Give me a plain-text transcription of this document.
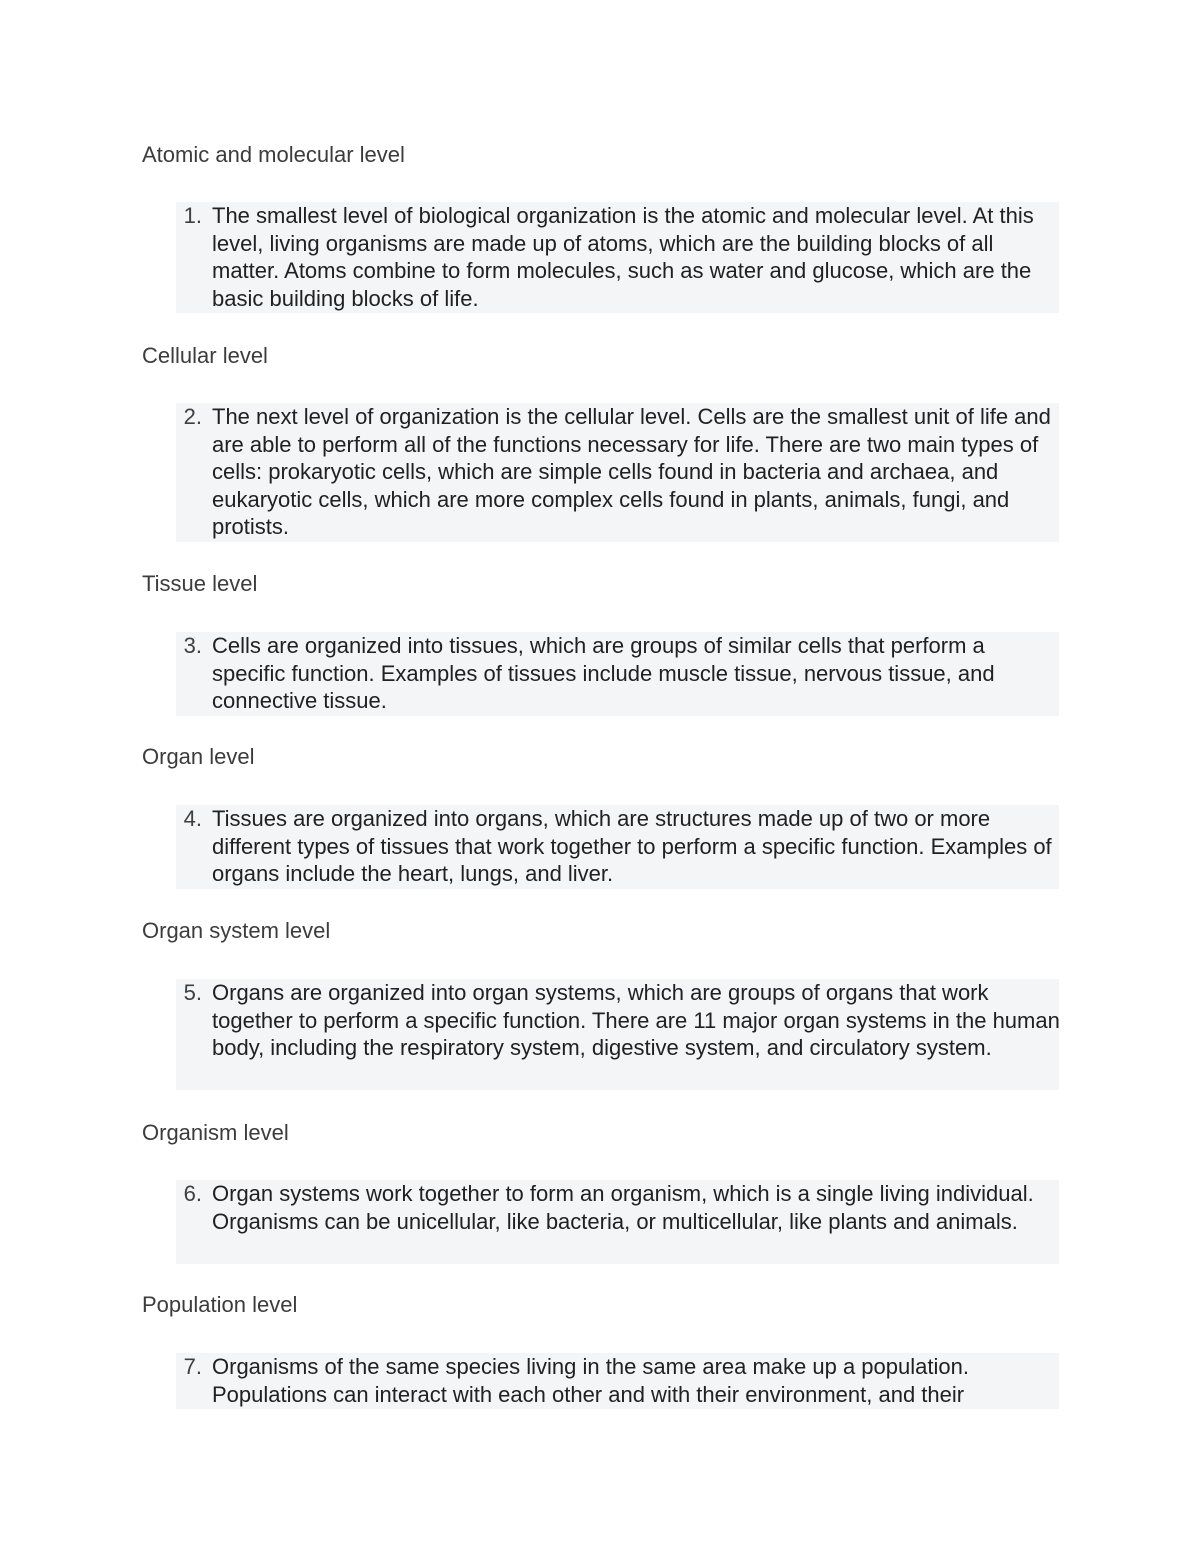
Atomic and molecular level
1. The smallest level of biological organization is the atomic and molecular level. At this level, living organisms are made up of atoms, which are the building blocks of all matter. Atoms combine to form molecules, such as water and glucose, which are the basic building blocks of life.
Cellular level
2. The next level of organization is the cellular level. Cells are the smallest unit of life and are able to perform all of the functions necessary for life. There are two main types of cells: prokaryotic cells, which are simple cells found in bacteria and archaea, and eukaryotic cells, which are more complex cells found in plants, animals, fungi, and protists.
Tissue level
3. Cells are organized into tissues, which are groups of similar cells that perform a specific function. Examples of tissues include muscle tissue, nervous tissue, and connective tissue.
Organ level
4. Tissues are organized into organs, which are structures made up of two or more different types of tissues that work together to perform a specific function. Examples of organs include the heart, lungs, and liver.
Organ system level
5. Organs are organized into organ systems, which are groups of organs that work together to perform a specific function. There are 11 major organ systems in the human body, including the respiratory system, digestive system, and circulatory system.
Organism level
6. Organ systems work together to form an organism, which is a single living individual. Organisms can be unicellular, like bacteria, or multicellular, like plants and animals.
Population level
7. Organisms of the same species living in the same area make up a population. Populations can interact with each other and with their environment, and their
